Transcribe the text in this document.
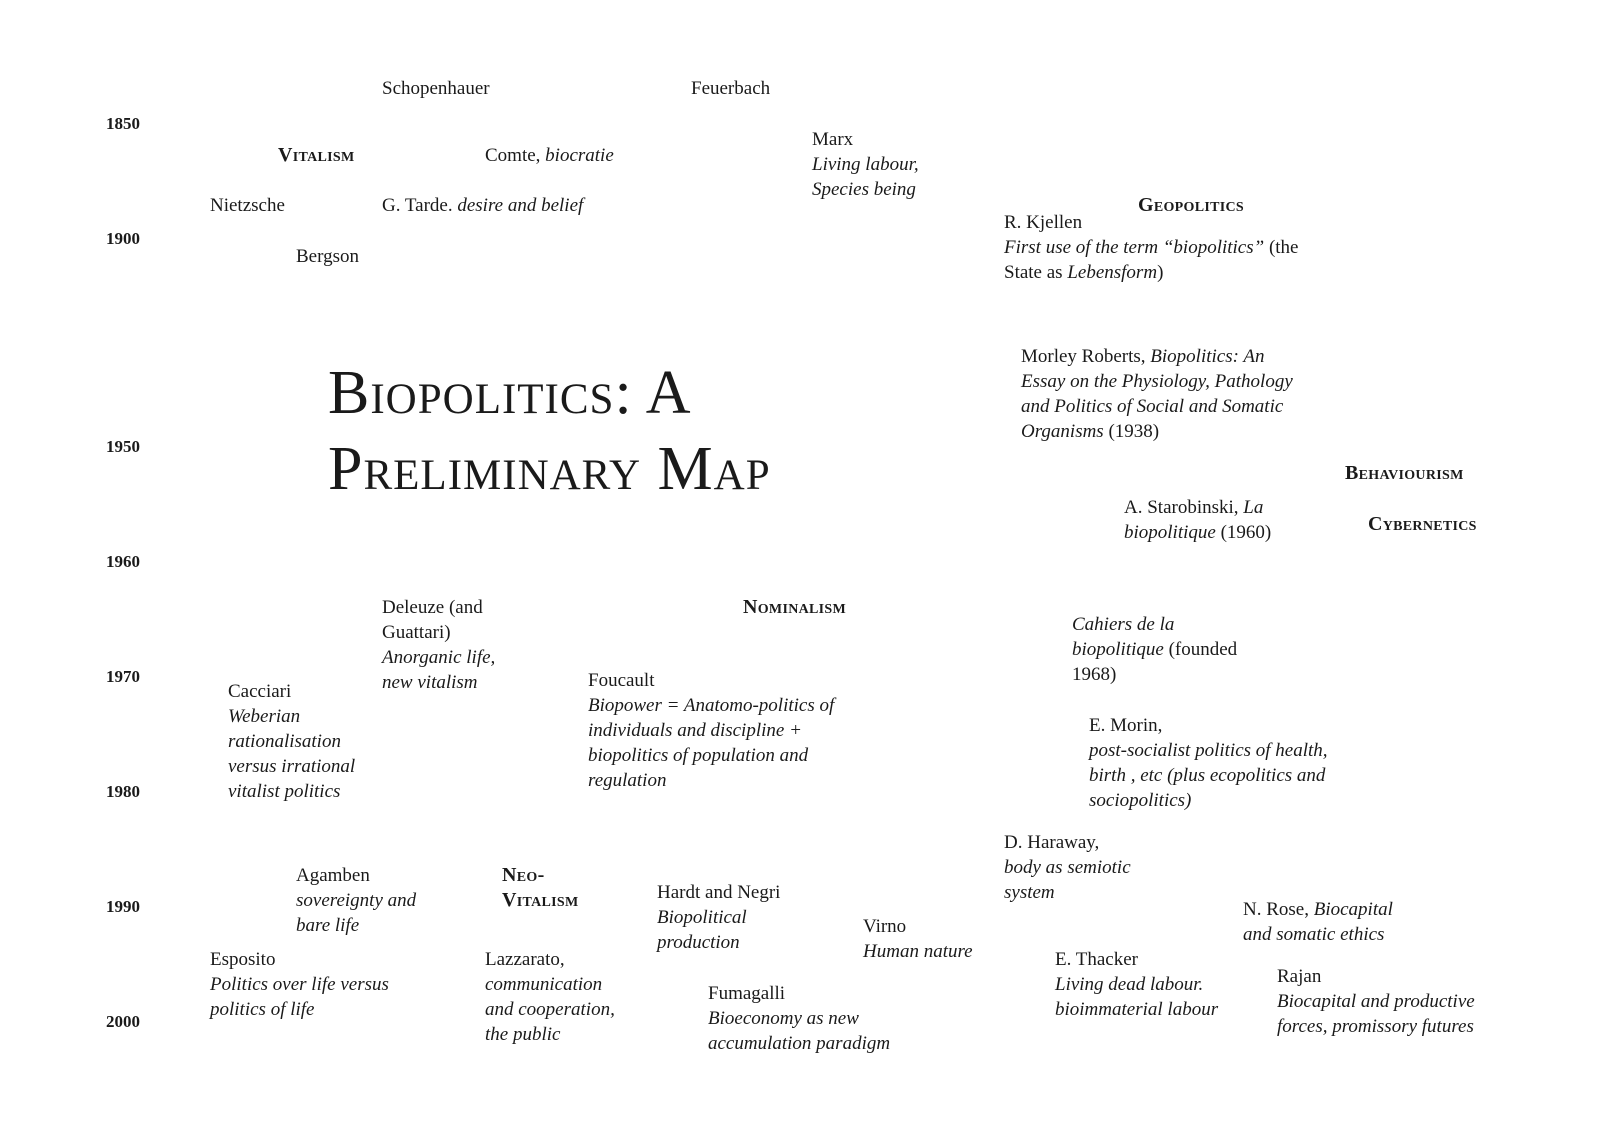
Biopolitics: A
Preliminary Map
1850
1900
1950
1960
1970
1980
1990
2000
Vitalism
Geopolitics
Behaviourism
Cybernetics
Nominalism
Neo-
Vitalism
Schopenhauer	Feuerbach
Marx
Living labour,
Species being
Comte, biocratie
Nietzsche	G. Tarde. desire and belief
Bergson
R. Kjellen
First use of the term “biopolitics” (the
State as Lebensform)
Morley Roberts, Biopolitics: An
Essay on the Physiology, Pathology
and Politics of Social and Somatic
Organisms (1938)
A. Starobinski, La
biopolitique (1960)
Deleuze (and
Guattari)
Anorganic life,
new vitalism
Cahiers de la
biopolitique (founded
1968)
Cacciari
Weberian
rationalisation
versus irrational
vitalist politics
Foucault
Biopower = Anatomo-politics of
individuals and discipline +
biopolitics of population and
regulation
E. Morin,
post-socialist politics of health,
birth , etc (plus ecopolitics and
sociopolitics)
D. Haraway,
body as semiotic
system
Agamben
sovereignty and
bare life
Hardt and Negri
Biopolitical
production
Virno
Human nature
N. Rose, Biocapital
and somatic ethics
Esposito
Politics over life versus
politics of life
Lazzarato,
communication
and cooperation,
the public
E. Thacker
Living dead labour.
bioimmaterial labour
Rajan
Biocapital and productive
forces, promissory futures
Fumagalli
Bioeconomy as new
accumulation paradigm
